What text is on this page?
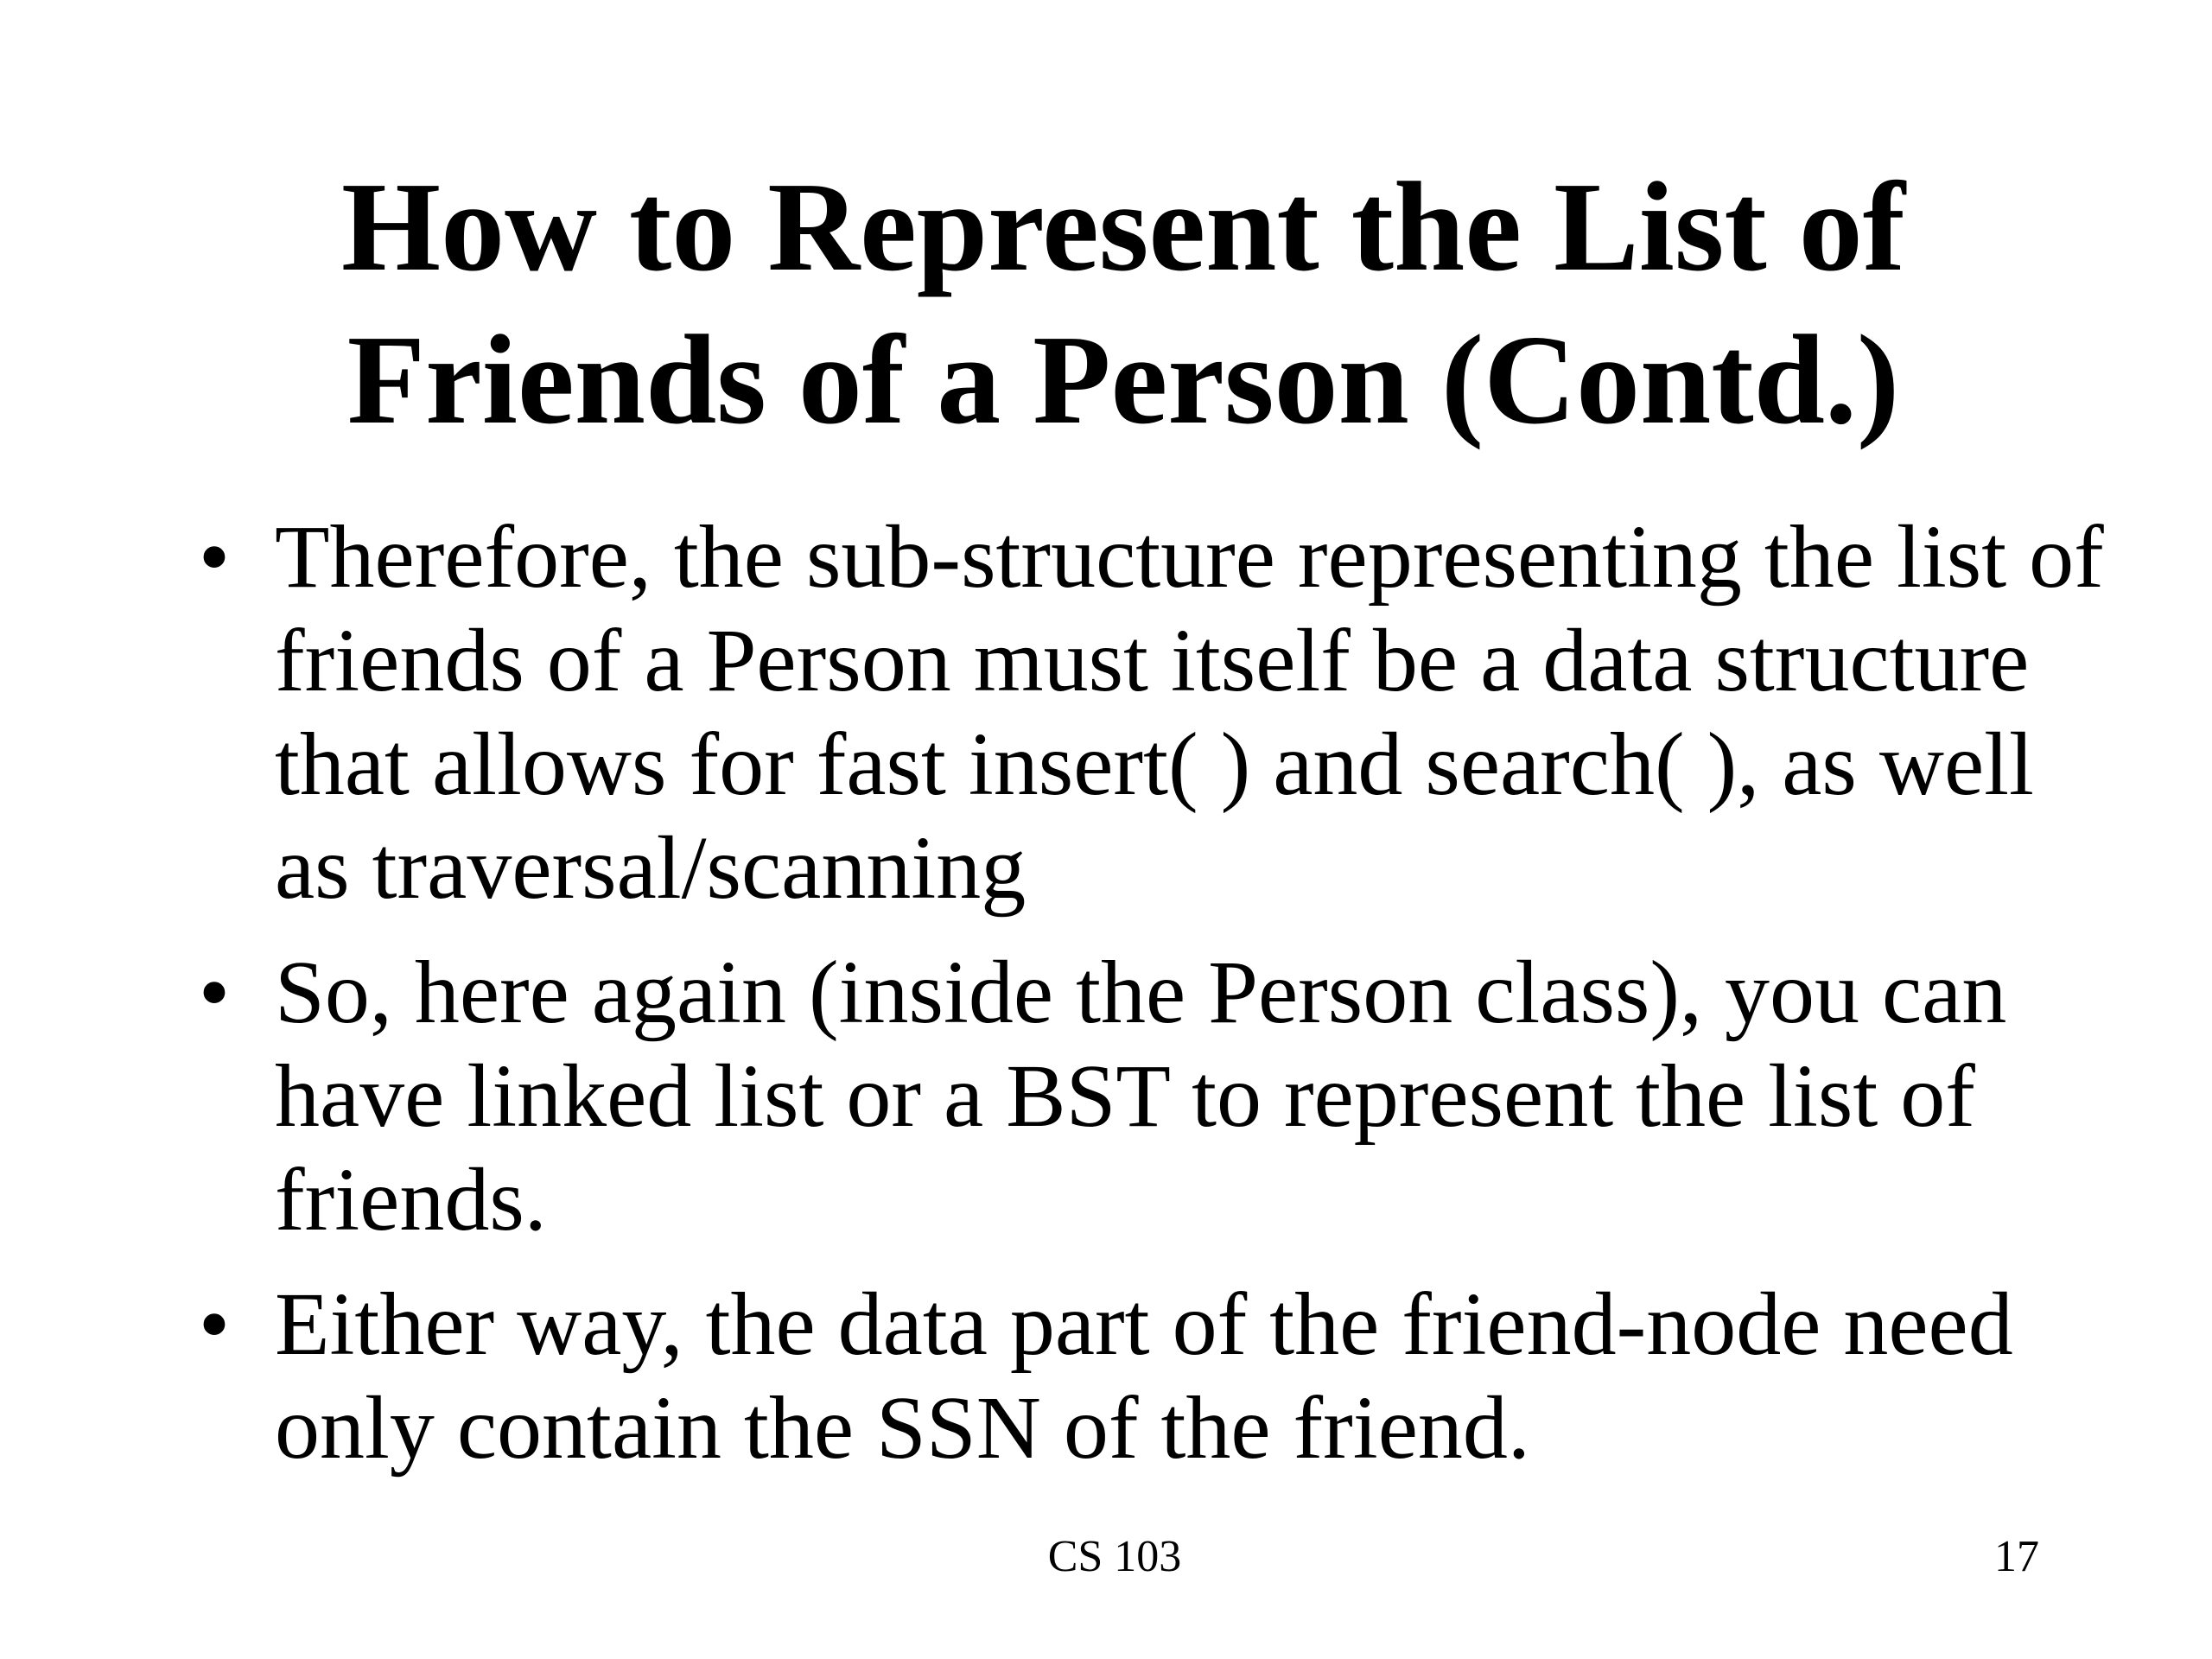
How to Represent the List of
Friends of a Person (Contd.)
• Therefore, the sub-structure representing the list of
friends of a Person must itself be a data structure
that allows for fast insert( ) and search( ), as well
as traversal/scanning
• So, here again (inside the Person class), you can
have linked list or a BST to represent the list of
friends.
• Either way, the data part of the friend-node need
only contain the SSN of the friend.
CS 103	17
